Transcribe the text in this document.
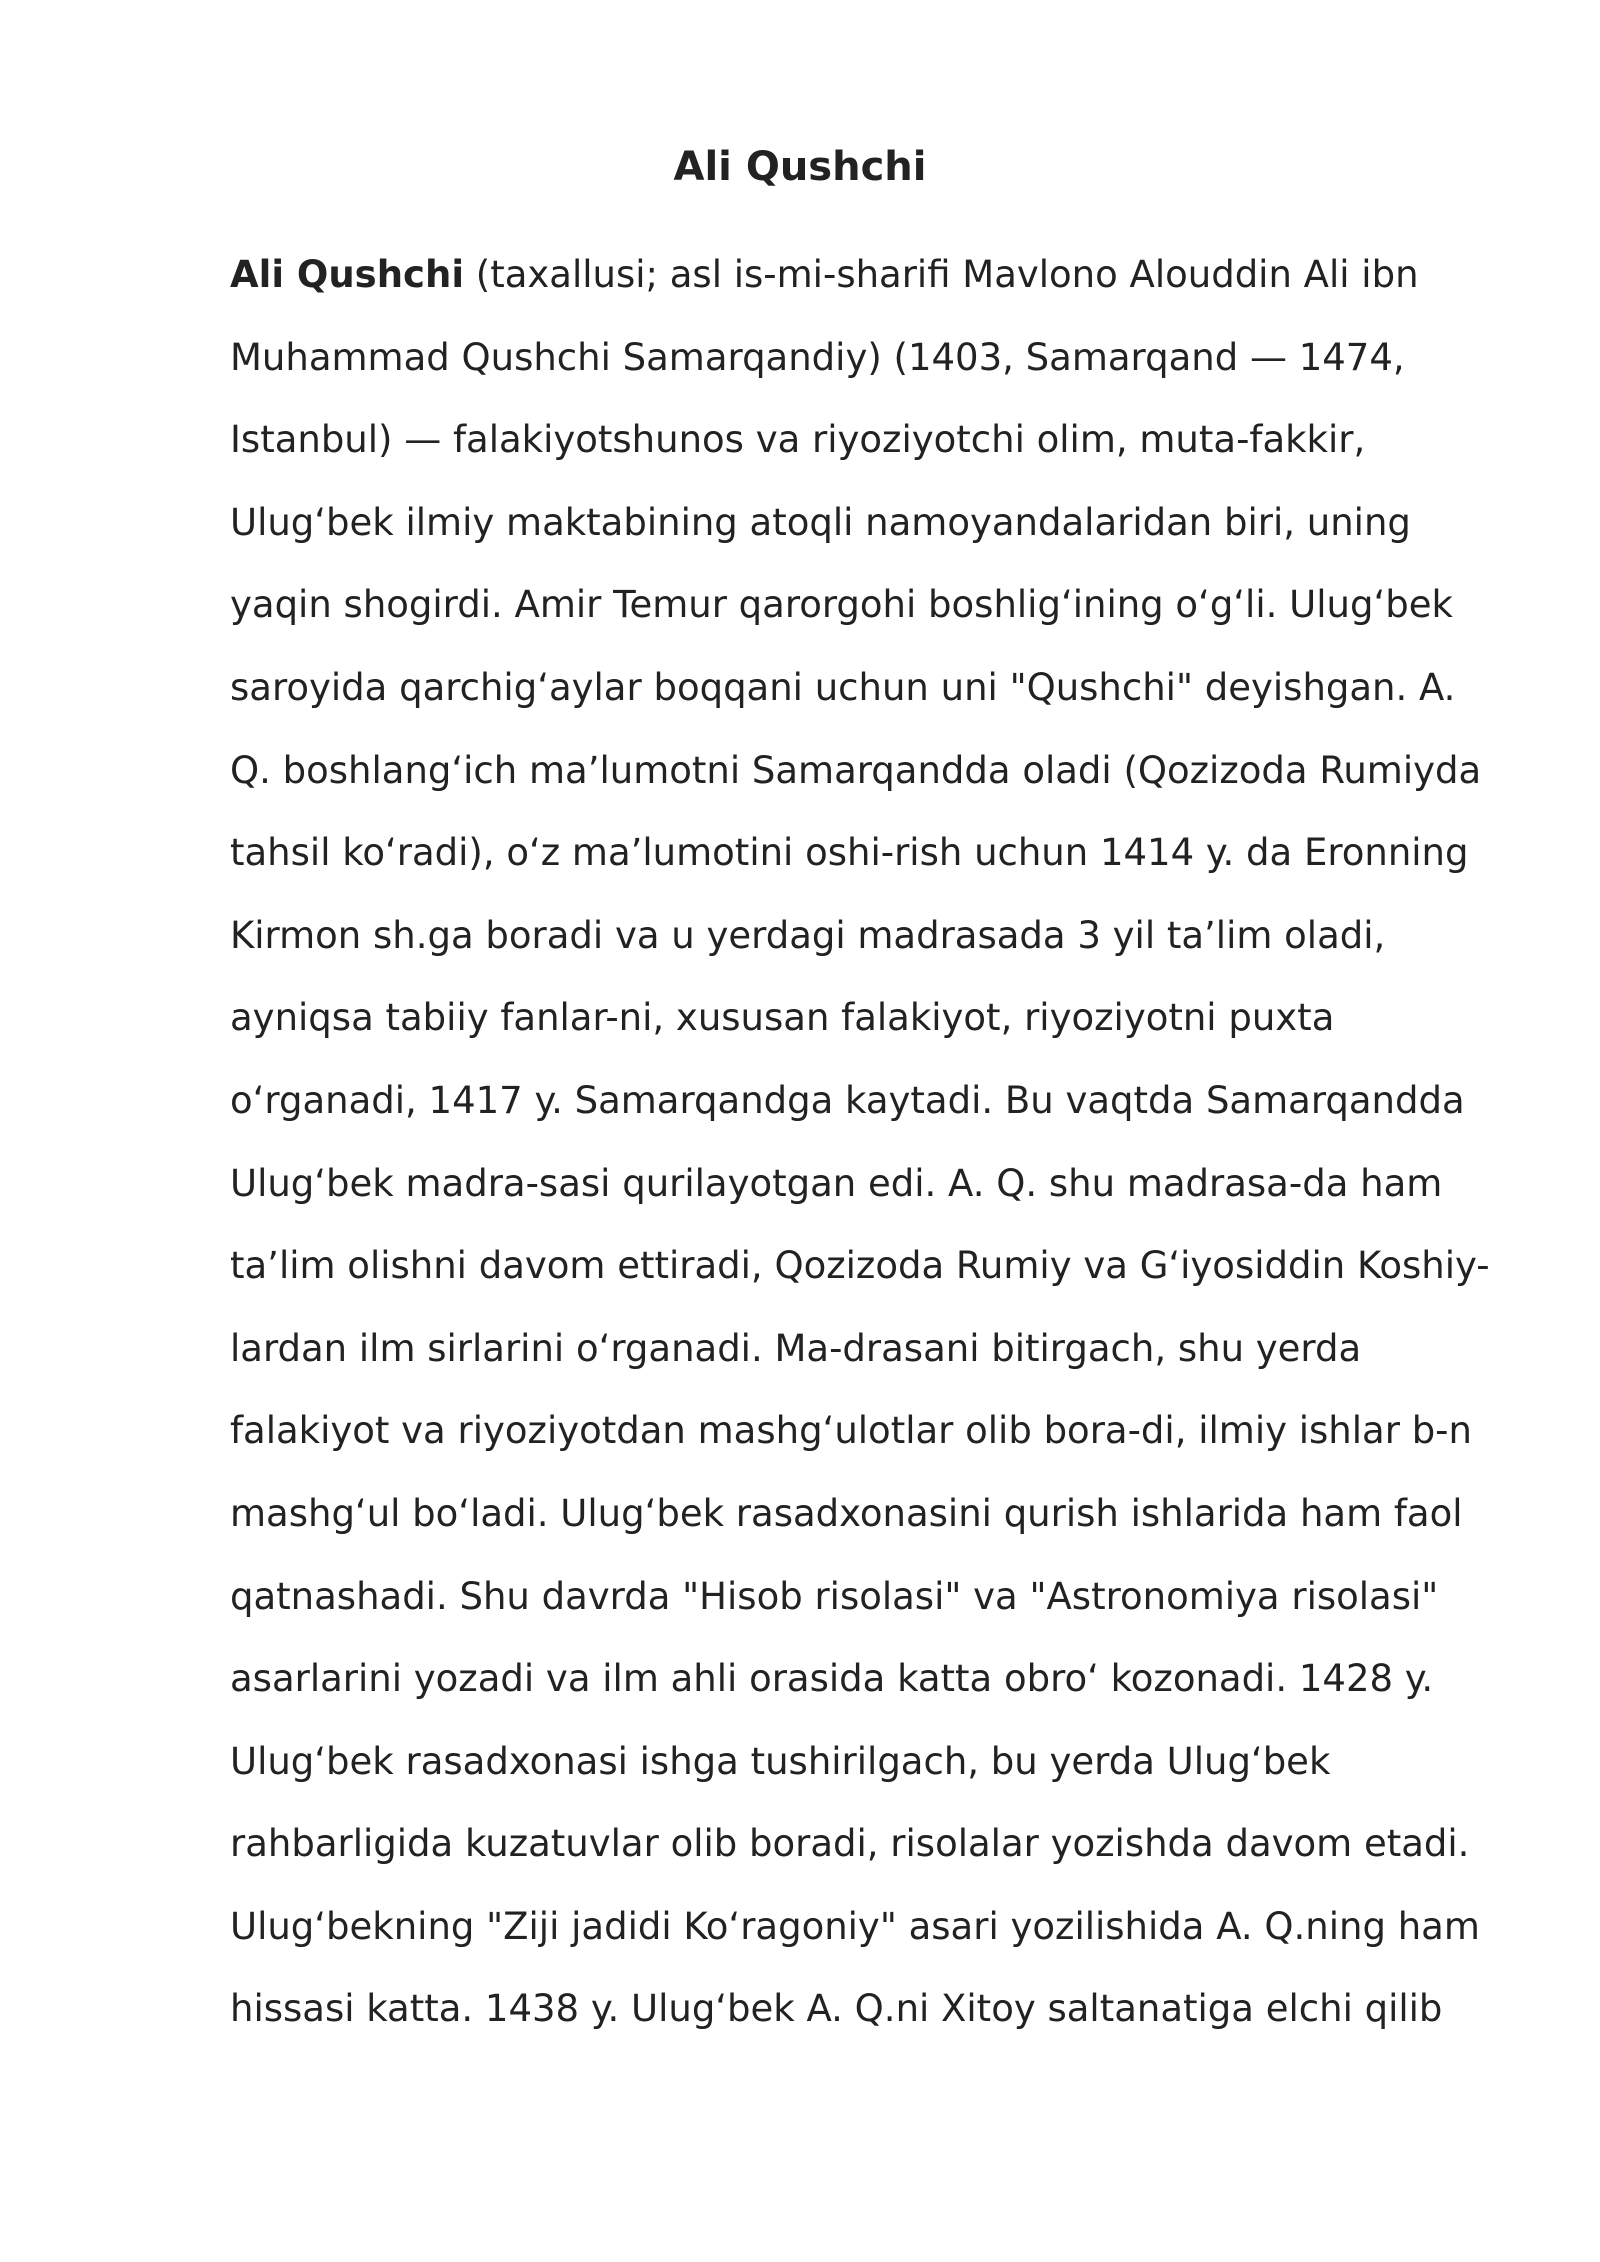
Ali Qushchi
Ali Qushchi (taxallusi; asl is-mi-sharifi Mavlono Alouddin Ali ibn
Muhammad Qushchi Samarqandiy) (1403, Samarqand — 1474,
Istanbul) — falakiyotshunos va riyoziyotchi olim, muta-fakkir,
Ulugʻbek ilmiy maktabining atoqli namoyandalaridan biri, uning
yaqin shogirdi. Amir Temur qarorgohi boshligʻining oʻgʻli. Ulugʻbek
saroyida qarchigʻaylar boqqani uchun uni "Qushchi" deyishgan. A.
Q. boshlangʻich maʼlumotni Samarqandda oladi (Qozizoda Rumiyda
tahsil koʻradi), oʻz maʼlumotini oshi-rish uchun 1414 y. da Eronning
Kirmon sh.ga boradi va u yerdagi madrasada 3 yil taʼlim oladi,
ayniqsa tabiiy fanlar-ni, xususan falakiyot, riyoziyotni puxta
oʻrganadi, 1417 y. Samarqandga kaytadi. Bu vaqtda Samarqandda
Ulugʻbek madra-sasi qurilayotgan edi. A. Q. shu madrasa-da ham
taʼlim olishni davom ettiradi, Qozizoda Rumiy va Gʻiyosiddin Koshiy-
lardan ilm sirlarini oʻrganadi. Ma-drasani bitirgach, shu yerda
falakiyot va riyoziyotdan mashgʻulotlar olib bora-di, ilmiy ishlar b-n
mashgʻul boʻladi. Ulugʻbek rasadxonasini qurish ishlarida ham faol
qatnashadi. Shu davrda "Hisob risolasi" va "Astronomiya risolasi"
asarlarini yozadi va ilm ahli orasida katta obroʻ kozonadi. 1428 y.
Ulugʻbek rasadxonasi ishga tushirilgach, bu yerda Ulugʻbek
rahbarligida kuzatuvlar olib boradi, risolalar yozishda davom etadi.
Ulugʻbekning "Ziji jadidi Koʻragoniy" asari yozilishida A. Q.ning ham
hissasi katta. 1438 y. Ulugʻbek A. Q.ni Xitoy saltanatiga elchi qilib
